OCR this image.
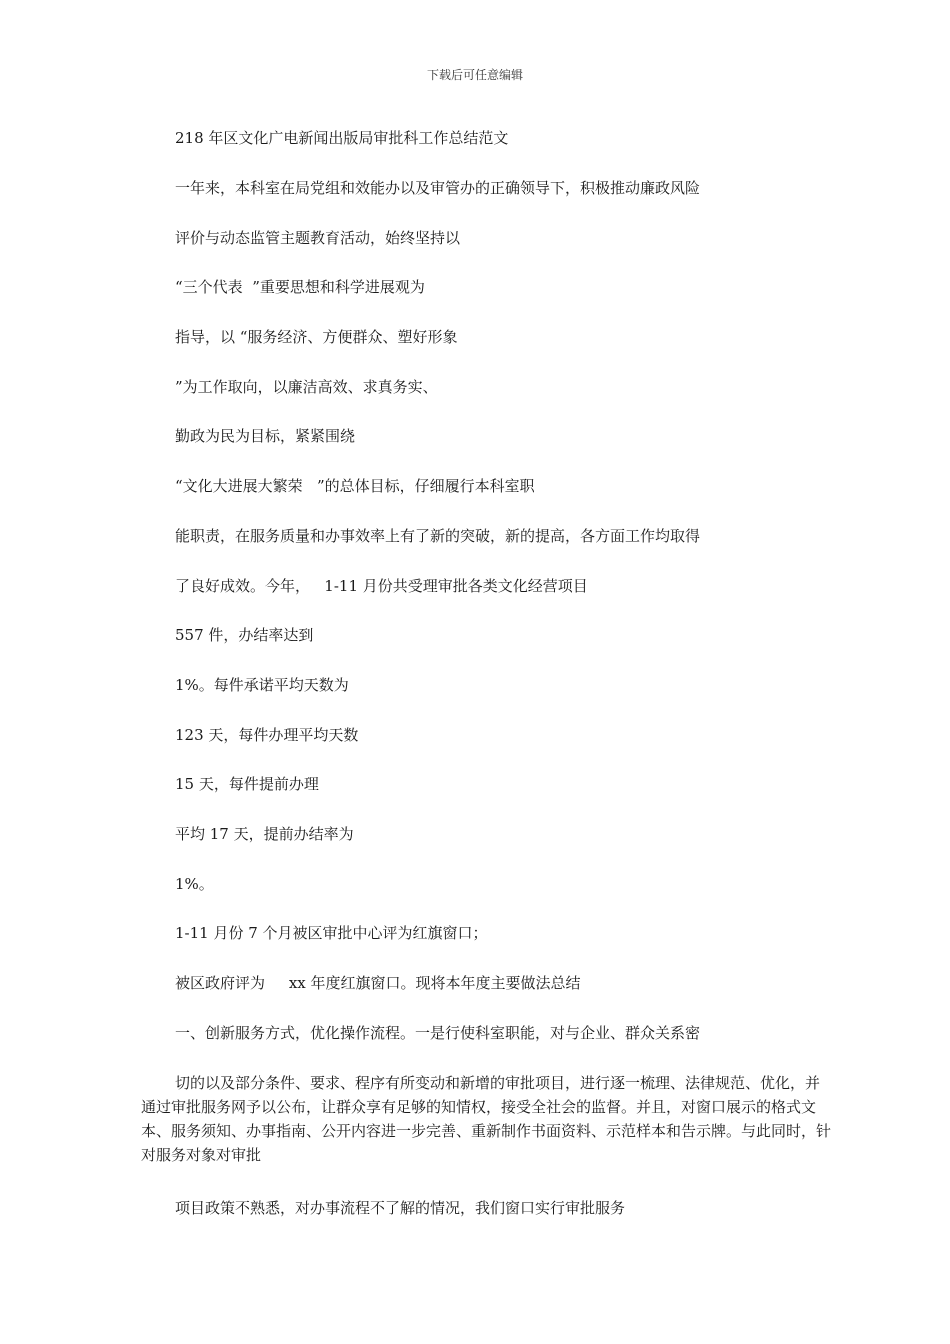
下载后可任意编辑
218 年区文化广电新闻出版局审批科工作总结范文
一年来，本科室在局党组和效能办以及审管办的正确领导下，积极推动廉政风险
评价与动态监管主题教育活动，始终坚持以
“三个代表  ”重要思想和科学进展观为
指导，以 “服务经济、方便群众、塑好形象
”为工作取向，以廉洁高效、求真务实、
勤政为民为目标，紧紧围绕
“文化大进展大繁荣   ”的总体目标，仔细履行本科室职
能职责，在服务质量和办事效率上有了新的突破，新的提高，各方面工作均取得
了良好成效。今年，   1-11 月份共受理审批各类文化经营项目
557 件，办结率达到
1%。每件承诺平均天数为
123 天，每件办理平均天数
15 天，每件提前办理
平均 17 天，提前办结率为
1%。
1-11 月份 7 个月被区审批中心评为红旗窗口；
被区政府评为     xx 年度红旗窗口。现将本年度主要做法总结
一、创新服务方式，优化操作流程。一是行使科室职能，对与企业、群众关系密
切的以及部分条件、要求、程序有所变动和新增的审批项目，进行逐一梳理、法律规范、优化，并通过审批服务网予以公布，让群众享有足够的知情权，接受全社会的监督。并且，对窗口展示的格式文本、服务须知、办事指南、公开内容进一步完善、重新制作书面资料、示范样本和告示牌。与此同时，针对服务对象对审批
项目政策不熟悉，对办事流程不了解的情况，我们窗口实行审批服务
